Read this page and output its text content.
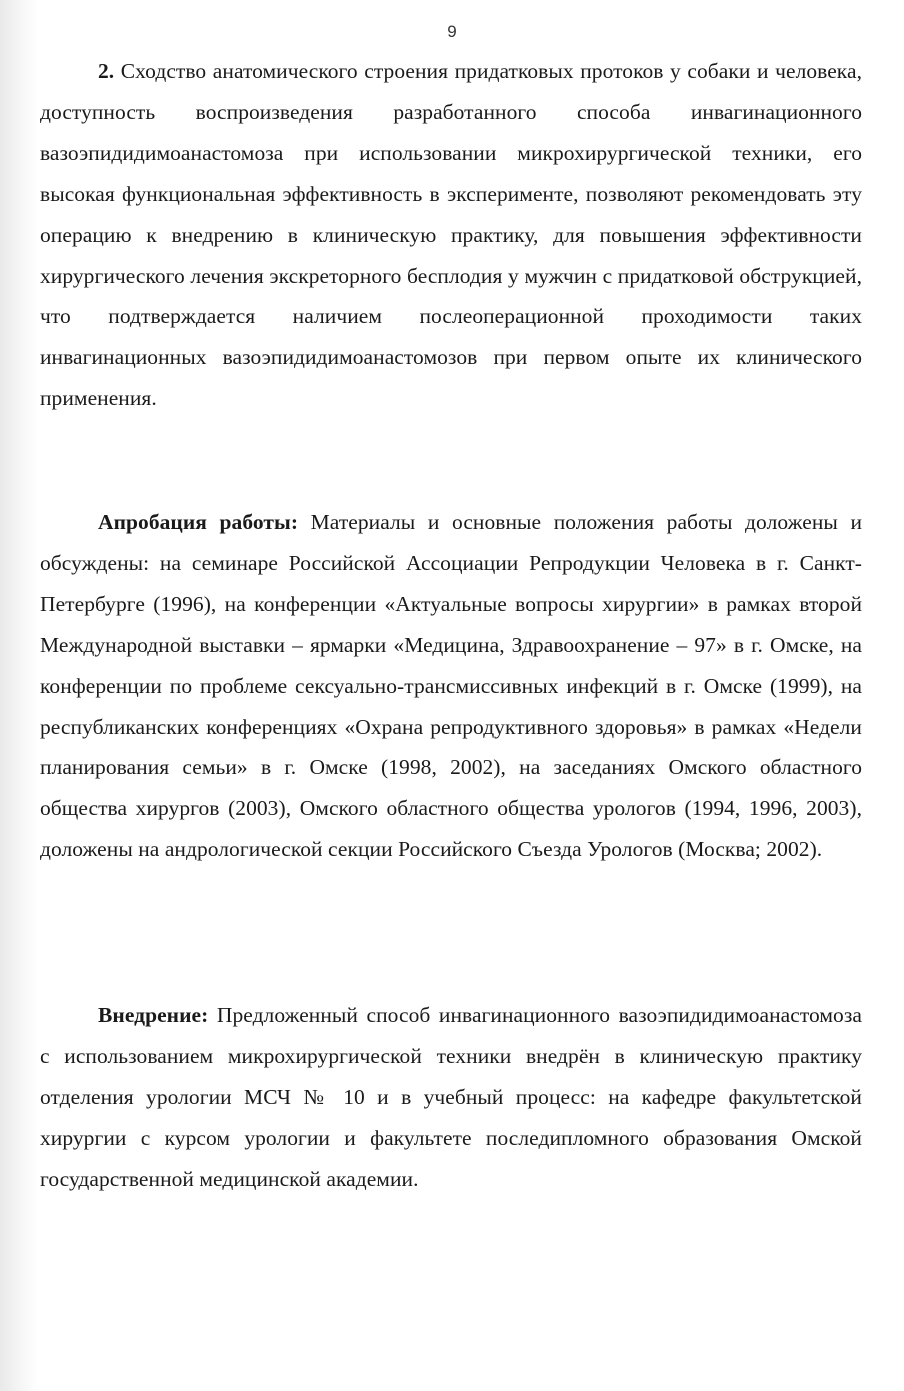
9

2. Сходство анатомического строения придатковых протоков у собаки и человека, доступность воспроизведения разработанного способа инвагинационного вазоэпидидимоанастомоза при использовании микрохирургической техники, его высокая функциональная эффективность в эксперименте, позволяют рекомендовать эту операцию к внедрению в клиническую практику, для повышения эффективности хирургического лечения экскреторного бесплодия у мужчин с придатковой обструкцией, что подтверждается наличием послеоперационной проходимости таких инвагинационных вазоэпидидимоанастомозов при первом опыте их клинического применения.

Апробация работы: Материалы и основные положения работы доложены и обсуждены: на семинаре Российской Ассоциации Репродукции Человека в г. Санкт-Петербурге (1996), на конференции «Актуальные вопросы хирургии» в рамках второй Международной выставки – ярмарки «Медицина, Здравоохранение – 97» в г. Омске, на конференции по проблеме сексуально-трансмиссивных инфекций в г. Омске (1999), на республиканских конференциях «Охрана репродуктивного здоровья» в рамках «Недели планирования семьи» в г. Омске (1998, 2002), на заседаниях Омского областного общества хирургов (2003), Омского областного общества урологов (1994, 1996, 2003), доложены на андрологической секции Российского Съезда Урологов (Москва; 2002).

Внедрение: Предложенный способ инвагинационного вазоэпидидимоанастомоза с использованием микрохирургической техники внедрён в клиническую практику отделения урологии МСЧ № 10 и в учебный процесс: на кафедре факультетской хирургии с курсом урологии и факультете последипломного образования Омской государственной медицинской академии.
